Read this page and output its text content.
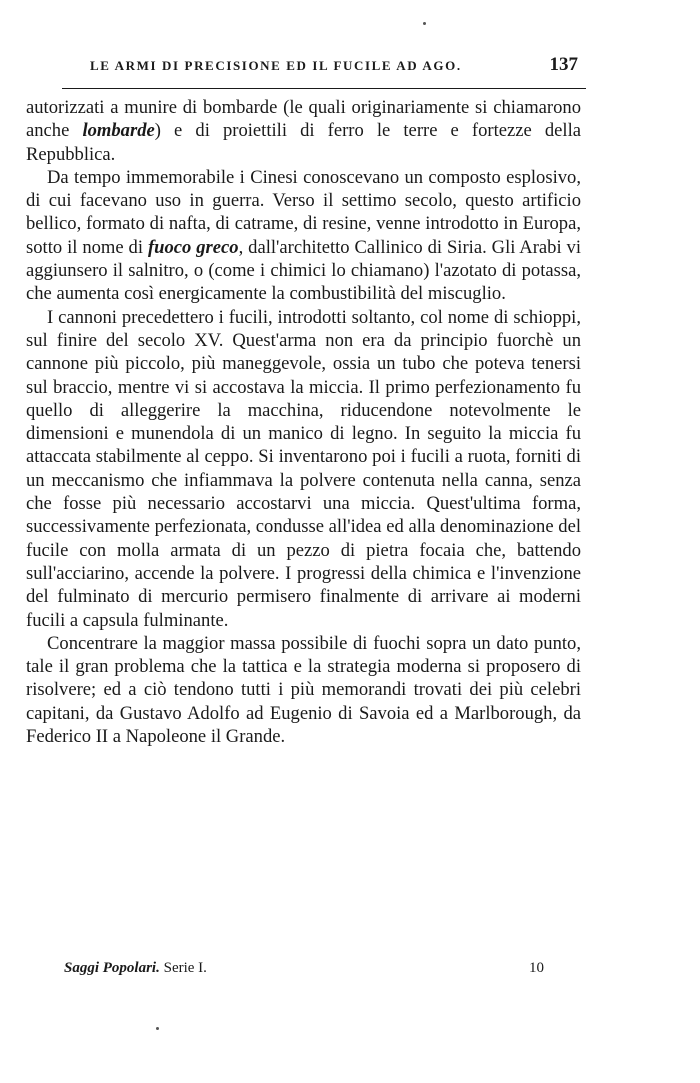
LE ARMI DI PRECISIONE ED IL FUCILE AD AGO.	137

autorizzati a munire di bombarde (le quali originariamente si chiamarono anche lombarde) e di proiettili di ferro le terre e fortezze della Repubblica.

Da tempo immemorabile i Cinesi conoscevano un composto esplosivo, di cui facevano uso in guerra. Verso il settimo secolo, questo artificio bellico, formato di nafta, di catrame, di resine, venne introdotto in Europa, sotto il nome di fuoco greco, dall'architetto Callinico di Siria. Gli Arabi vi aggiunsero il salnitro, o (come i chimici lo chiamano) l'azotato di potassa, che aumenta così energicamente la combustibilità del miscuglio.

I cannoni precedettero i fucili, introdotti soltanto, col nome di schioppi, sul finire del secolo XV. Quest'arma non era da principio fuorchè un cannone più piccolo, più maneggevole, ossia un tubo che poteva tenersi sul braccio, mentre vi si accostava la miccia. Il primo perfezionamento fu quello di alleggerire la macchina, riducendone notevolmente le dimensioni e munendola di un manico di legno. In seguito la miccia fu attaccata stabilmente al ceppo. Si inventarono poi i fucili a ruota, forniti di un meccanismo che infiammava la polvere contenuta nella canna, senza che fosse più necessario accostarvi una miccia. Quest'ultima forma, successivamente perfezionata, condusse all'idea ed alla denominazione del fucile con molla armata di un pezzo di pietra focaia che, battendo sull'acciarino, accende la polvere. I progressi della chimica e l'invenzione del fulminato di mercurio permisero finalmente di arrivare ai moderni fucili a capsula fulminante.

Concentrare la maggior massa possibile di fuochi sopra un dato punto, tale il gran problema che la tattica e la strategia moderna si proposero di risolvere; ed a ciò tendono tutti i più memorandi trovati dei più celebri capitani, da Gustavo Adolfo ad Eugenio di Savoia ed a Marlborough, da Federico II a Napoleone il Grande.

Saggi Popolari. Serie I.	10
